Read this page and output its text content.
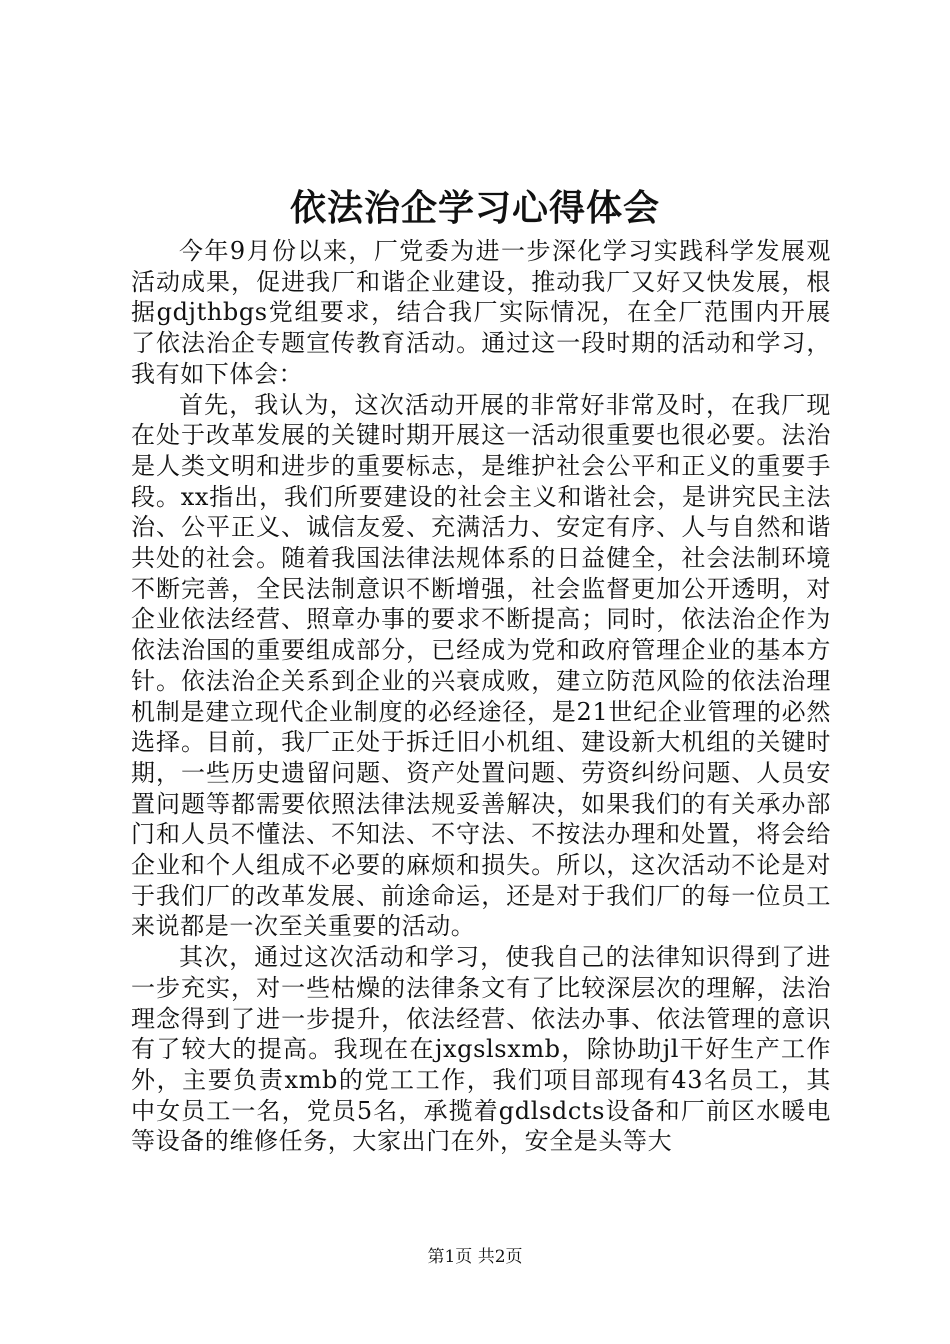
依法治企学习心得体会

今年9月份以来，厂党委为进一步深化学习实践科学发展观活动成果，促进我厂和谐企业建设，推动我厂又好又快发展，根据gdjthbgs党组要求，结合我厂实际情况，在全厂范围内开展了依法治企专题宣传教育活动。通过这一段时期的活动和学习，我有如下体会：

首先，我认为，这次活动开展的非常好非常及时，在我厂现在处于改革发展的关键时期开展这一活动很重要也很必要。法治是人类文明和进步的重要标志，是维护社会公平和正义的重要手段。xx指出，我们所要建设的社会主义和谐社会，是讲究民主法治、公平正义、诚信友爱、充满活力、安定有序、人与自然和谐共处的社会。随着我国法律法规体系的日益健全，社会法制环境不断完善，全民法制意识不断增强，社会监督更加公开透明，对企业依法经营、照章办事的要求不断提高；同时，依法治企作为依法治国的重要组成部分，已经成为党和政府管理企业的基本方针。依法治企关系到企业的兴衰成败，建立防范风险的依法治理机制是建立现代企业制度的必经途径，是21世纪企业管理的必然选择。目前，我厂正处于拆迁旧小机组、建设新大机组的关键时期，一些历史遗留问题、资产处置问题、劳资纠纷问题、人员安置问题等都需要依照法律法规妥善解决，如果我们的有关承办部门和人员不懂法、不知法、不守法、不按法办理和处置，将会给企业和个人组成不必要的麻烦和损失。所以，这次活动不论是对于我们厂的改革发展、前途命运，还是对于我们厂的每一位员工来说都是一次至关重要的活动。

其次，通过这次活动和学习，使我自己的法律知识得到了进一步充实，对一些枯燥的法律条文有了比较深层次的理解，法治理念得到了进一步提升，依法经营、依法办事、依法管理的意识有了较大的提高。我现在在jxgslsxmb，除协助jl干好生产工作外，主要负责xmb的党工工作，我们项目部现有43名员工，其中女员工一名，党员5名，承揽着gdlsdcts设备和厂前区水暖电等设备的维修任务，大家出门在外，安全是头等大

第1页 共2页
